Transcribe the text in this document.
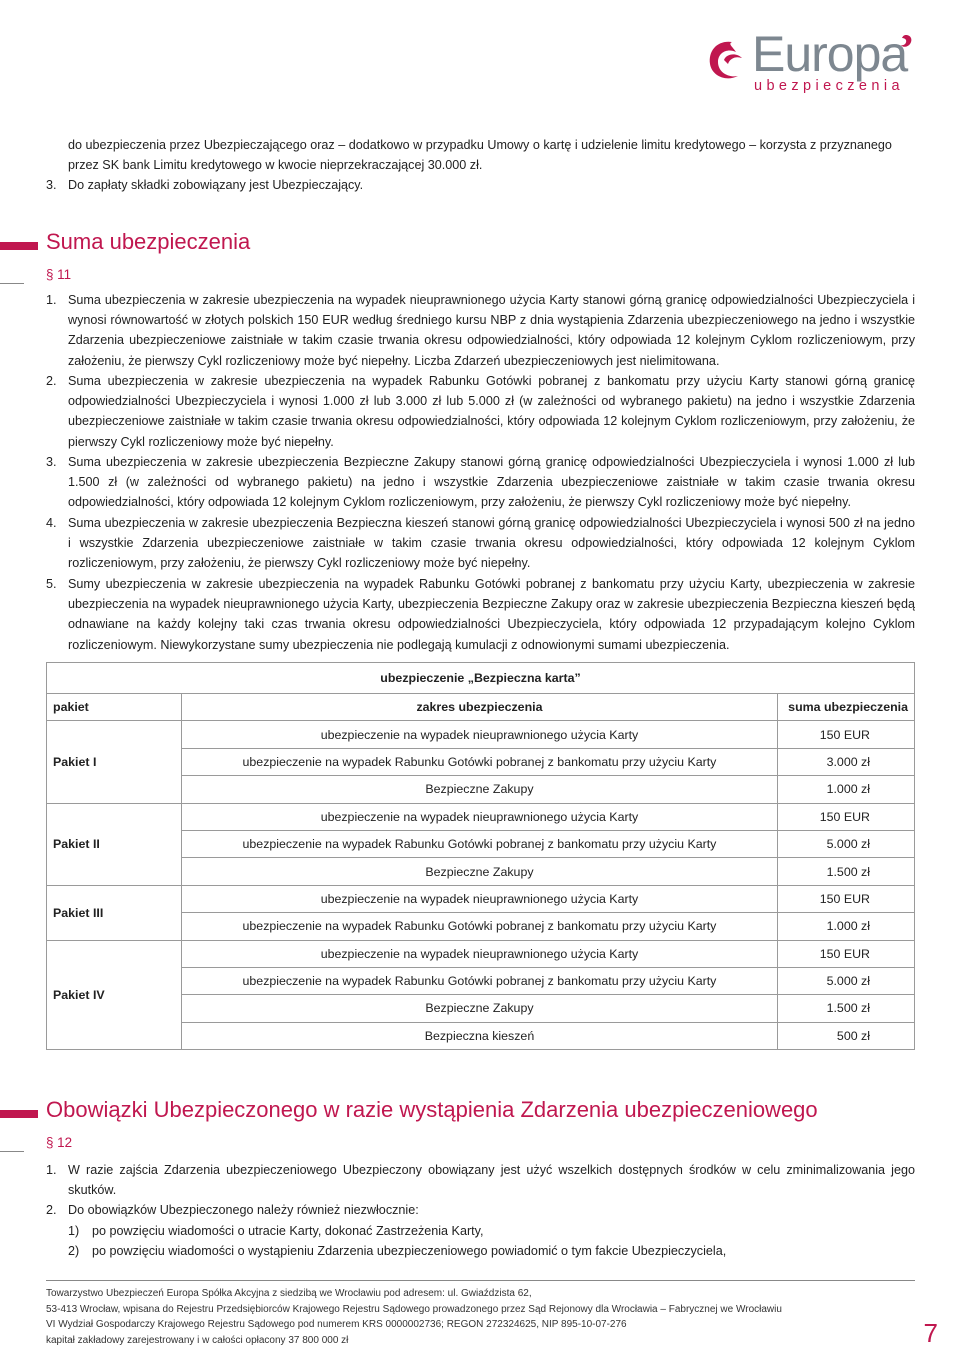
Europa
ubezpieczenia
do ubezpieczenia przez Ubezpieczającego oraz – dodatkowo w przypadku Umowy o kartę i udzielenie limitu kredytowego – korzysta z przyznanego przez SK bank Limitu kredytowego w kwocie nieprzekraczającej 30.000 zł.
3. Do zapłaty składki zobowiązany jest Ubezpieczający.
Suma ubezpieczenia
§ 11
1. Suma ubezpieczenia w zakresie ubezpieczenia na wypadek nieuprawnionego użycia Karty stanowi górną granicę odpowiedzialności Ubezpieczyciela i wynosi równowartość w złotych polskich 150 EUR według średniego kursu NBP z dnia wystąpienia Zdarzenia ubezpieczeniowego na jedno i wszystkie Zdarzenia ubezpieczeniowe zaistniałe w takim czasie trwania okresu odpowiedzialności, który odpowiada 12 kolejnym Cyklom rozliczeniowym, przy założeniu, że pierwszy Cykl rozliczeniowy może być niepełny. Liczba Zdarzeń ubezpieczeniowych jest nielimitowana.
2. Suma ubezpieczenia w zakresie ubezpieczenia na wypadek Rabunku Gotówki pobranej z bankomatu przy użyciu Karty stanowi górną granicę odpowiedzialności Ubezpieczyciela i wynosi 1.000 zł lub 3.000 zł lub 5.000 zł (w zależności od wybranego pakietu) na jedno i wszystkie Zdarzenia ubezpieczeniowe zaistniałe w takim czasie trwania okresu odpowiedzialności, który odpowiada 12 kolejnym Cyklom rozliczeniowym, przy założeniu, że pierwszy Cykl rozliczeniowy może być niepełny.
3. Suma ubezpieczenia w zakresie ubezpieczenia Bezpieczne Zakupy stanowi górną granicę odpowiedzialności Ubezpieczyciela i wynosi 1.000 zł lub 1.500 zł (w zależności od wybranego pakietu) na jedno i wszystkie Zdarzenia ubezpieczeniowe zaistniałe w takim czasie trwania okresu odpowiedzialności, który odpowiada 12 kolejnym Cyklom rozliczeniowym, przy założeniu, że pierwszy Cykl rozliczeniowy może być niepełny.
4. Suma ubezpieczenia w zakresie ubezpieczenia Bezpieczna kieszeń stanowi górną granicę odpowiedzialności Ubezpieczyciela i wynosi 500 zł na jedno i wszystkie Zdarzenia ubezpieczeniowe zaistniałe w takim czasie trwania okresu odpowiedzialności, który odpowiada 12 kolejnym Cyklom rozliczeniowym, przy założeniu, że pierwszy Cykl rozliczeniowy może być niepełny.
5. Sumy ubezpieczenia w zakresie ubezpieczenia na wypadek Rabunku Gotówki pobranej z bankomatu przy użyciu Karty, ubezpieczenia w zakresie ubezpieczenia na wypadek nieuprawnionego użycia Karty, ubezpieczenia Bezpieczne Zakupy oraz w zakresie ubezpieczenia Bezpieczna kieszeń będą odnawiane na każdy kolejny taki czas trwania okresu odpowiedzialności Ubezpieczyciela, który odpowiada 12 przypadającym kolejno Cyklom rozliczeniowym. Niewykorzystane sumy ubezpieczenia nie podlegają kumulacji z odnowionymi sumami ubezpieczenia.
ubezpieczenie „Bezpieczna karta”		
pakiet	zakres ubezpieczenia	suma ubezpieczenia
Pakiet I	ubezpieczenie na wypadek nieuprawnionego użycia Karty	150 EUR
	ubezpieczenie na wypadek Rabunku Gotówki pobranej z bankomatu przy użyciu Karty	3.000 zł
	Bezpieczne Zakupy	1.000 zł
Pakiet II	ubezpieczenie na wypadek nieuprawnionego użycia Karty	150 EUR
	ubezpieczenie na wypadek Rabunku Gotówki pobranej z bankomatu przy użyciu Karty	5.000 zł
	Bezpieczne Zakupy	1.500 zł
Pakiet III	ubezpieczenie na wypadek nieuprawnionego użycia Karty	150 EUR
	ubezpieczenie na wypadek Rabunku Gotówki pobranej z bankomatu przy użyciu Karty	1.000 zł
Pakiet IV	ubezpieczenie na wypadek nieuprawnionego użycia Karty	150 EUR
	ubezpieczenie na wypadek Rabunku Gotówki pobranej z bankomatu przy użyciu Karty	5.000 zł
	Bezpieczne Zakupy	1.500 zł
	Bezpieczna kieszeń	500 zł
Obowiązki Ubezpieczonego w razie wystąpienia Zdarzenia ubezpieczeniowego
§ 12
1. W razie zajścia Zdarzenia ubezpieczeniowego Ubezpieczony obowiązany jest użyć wszelkich dostępnych środków w celu zminimalizowania jego skutków.
2. Do obowiązków Ubezpieczonego należy również niezwłocznie:
1) po powzięciu wiadomości o utracie Karty, dokonać Zastrzeżenia Karty,
2) po powzięciu wiadomości o wystąpieniu Zdarzenia ubezpieczeniowego powiadomić o tym fakcie Ubezpieczyciela,
Towarzystwo Ubezpieczeń Europa Spółka Akcyjna z siedzibą we Wrocławiu pod adresem: ul. Gwiaździsta 62,
53-413 Wrocław, wpisana do Rejestru Przedsiębiorców Krajowego Rejestru Sądowego prowadzonego przez Sąd Rejonowy dla Wrocławia – Fabrycznej we Wrocławiu
VI Wydział Gospodarczy Krajowego Rejestru Sądowego pod numerem KRS 0000002736; REGON 272324625, NIP 895-10-07-276
kapitał zakładowy zarejestrowany i w całości opłacony 37 800 000 zł	7
